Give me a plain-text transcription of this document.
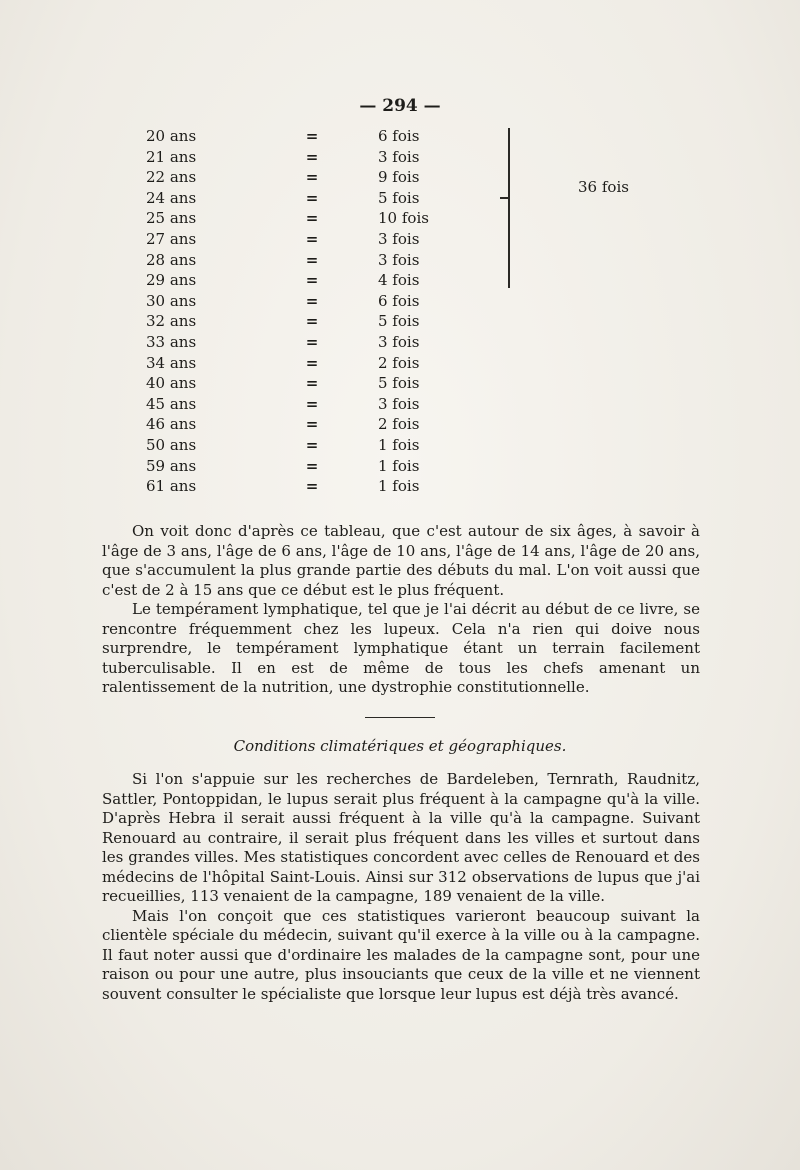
— 294 —
20 ans	=	6 fois
21 ans	=	3 fois
22 ans	=	9 fois
24 ans	=	5 fois
25 ans	=	10 fois
27 ans	=	3 fois
28 ans	=	3 fois
29 ans	=	4 fois
30 ans	=	6 fois
32 ans	=	5 fois
33 ans	=	3 fois
34 ans	=	2 fois
40 ans	=	5 fois
45 ans	=	3 fois
46 ans	=	2 fois
50 ans	=	1 fois
59 ans	=	1 fois
61 ans	=	1 fois
36 fois

On voit donc d'après ce tableau, que c'est autour de six âges, à savoir à l'âge de 3 ans, l'âge de 6 ans, l'âge de 10 ans, l'âge de 14 ans, l'âge de 20 ans, que s'accumulent la plus grande partie des débuts du mal. L'on voit aussi que c'est de 2 à 15 ans que ce début est le plus fréquent.

Le tempérament lymphatique, tel que je l'ai décrit au début de ce livre, se rencontre fréquemment chez les lupeux. Cela n'a rien qui doive nous surprendre, le tempérament lymphatique étant un terrain facilement tuberculisable. Il en est de même de tous les chefs amenant un ralentissement de la nutrition, une dystrophie constitutionnelle.

Conditions climatériques et géographiques.

Si l'on s'appuie sur les recherches de Bardeleben, Ternrath, Raudnitz, Sattler, Pontoppidan, le lupus serait plus fréquent à la campagne qu'à la ville. D'après Hebra il serait aussi fréquent à la ville qu'à la campagne. Suivant Renouard au contraire, il serait plus fréquent dans les villes et surtout dans les grandes villes. Mes statistiques concordent avec celles de Renouard et des médecins de l'hôpital Saint-Louis. Ainsi sur 312 observations de lupus que j'ai recueillies, 113 venaient de la campagne, 189 venaient de la ville.

Mais l'on conçoit que ces statistiques varieront beaucoup suivant la clientèle spéciale du médecin, suivant qu'il exerce à la ville ou à la campagne. Il faut noter aussi que d'ordinaire les malades de la campagne sont, pour une raison ou pour une autre, plus insouciants que ceux de la ville et ne viennent souvent consulter le spécialiste que lorsque leur lupus est déjà très avancé.
